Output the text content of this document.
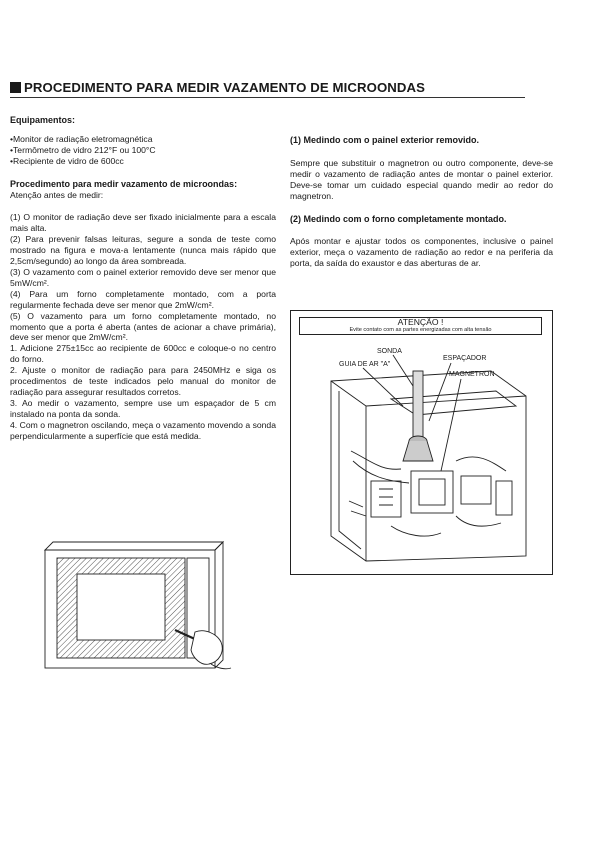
PROCEDIMENTO PARA MEDIR VAZAMENTO DE MICROONDAS

Equipamentos:

• Monitor de radiação eletromagnética
• Termômetro de vidro 212°F ou 100°C
• Recipiente de vidro de 600cc

Procedimento para medir vazamento de microondas:

Atenção antes de medir:

(1) O monitor de radiação deve ser fixado inicialmente para a escala mais alta.

(2) Para prevenir falsas leituras, segure a sonda de teste como mostrado na figura e mova-a lentamente (nunca mais rápido que 2,5cm/segundo) ao longo da área sombreada.

(3) O vazamento com o painel exterior removido deve ser menor que 5mW/cm².

(4) Para um forno completamente montado, com a porta regularmente fechada deve ser menor que 2mW/cm².

(5) O vazamento para um forno completamente montado, no momento que a porta é aberta (antes de acionar a chave primária), deve ser menor que 2mW/cm².

1. Adicione 275±15cc ao recipiente de 600cc e coloque-o no centro do forno.

2. Ajuste o monitor de radiação para para 2450MHz e siga os procedimentos de teste indicados pelo manual do monitor de radiação para assegurar resultados corretos.

3. Ao medir o vazamento, sempre use um espaçador de 5 cm instalado na ponta da sonda.

4. Com o magnetron oscilando, meça o vazamento movendo a sonda perpendicularmente a superfície que está medida.

(1) Medindo com o painel exterior removido.

Sempre que substituir o magnetron ou outro componente, deve-se medir o vazamento de radiação antes de montar o painel exterior. Deve-se tomar um cuidado especial quando medir ao redor do magnetron.

(2) Medindo com o forno completamente montado.

Após montar e ajustar todos os componentes, inclusive o painel exterior, meça o vazamento de radiação ao redor e na periferia da porta, da saída do exaustor e das aberturas de ar.

ATENÇÃO !
Evite contato com as partes energizadas com alta tensão
SONDA
GUIA DE AR "A"
ESPAÇADOR
MAGNETRON
